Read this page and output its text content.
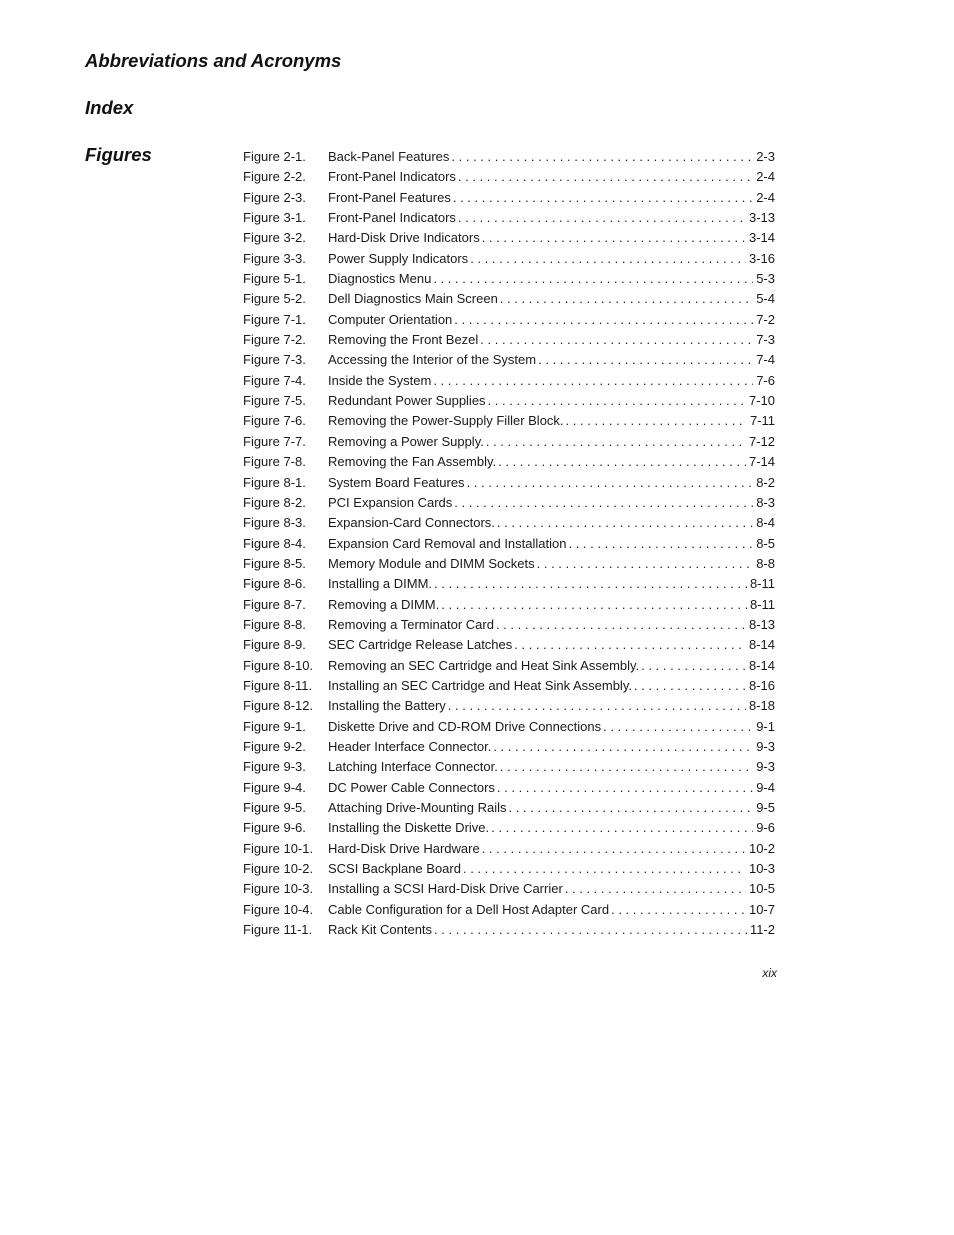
Abbreviations and Acronyms
Index
Figures	Figure 2-1.	Back-Panel Features . . .	2-3
Figure 2-2.	Front-Panel Indicators . . .	2-4
Figure 2-3.	Front-Panel Features . . .	2-4
Figure 3-1.	Front-Panel Indicators . . .	3-13
Figure 3-2.	Hard-Disk Drive Indicators . . .	3-14
Figure 3-3.	Power Supply Indicators . . .	3-16
Figure 5-1.	Diagnostics Menu . . .	5-3
Figure 5-2.	Dell Diagnostics Main Screen . . .	5-4
Figure 7-1.	Computer Orientation . . .	7-2
Figure 7-2.	Removing the Front Bezel . . .	7-3
Figure 7-3.	Accessing the Interior of the System . . .	7-4
Figure 7-4.	Inside the System . . .	7-6
Figure 7-5.	Redundant Power Supplies . . .	7-10
Figure 7-6.	Removing the Power-Supply Filler Block. . . .	7-11
Figure 7-7.	Removing a Power Supply. . . .	7-12
Figure 7-8.	Removing the Fan Assembly. . . .	7-14
Figure 8-1.	System Board Features . . .	8-2
Figure 8-2.	PCI Expansion Cards . . .	8-3
Figure 8-3.	Expansion-Card Connectors. . . .	8-4
Figure 8-4.	Expansion Card Removal and Installation . . .	8-5
Figure 8-5.	Memory Module and DIMM Sockets . . .	8-8
Figure 8-6.	Installing a DIMM. . . .	8-11
Figure 8-7.	Removing a DIMM. . . .	8-11
Figure 8-8.	Removing a Terminator Card . . .	8-13
Figure 8-9.	SEC Cartridge Release Latches . . .	8-14
Figure 8-10.	Removing an SEC Cartridge and Heat Sink Assembly. . . .	8-14
Figure 8-11.	Installing an SEC Cartridge and Heat Sink Assembly. . . .	8-16
Figure 8-12.	Installing the Battery . . .	8-18
Figure 9-1.	Diskette Drive and CD-ROM Drive Connections . . .	9-1
Figure 9-2.	Header Interface Connector. . . .	9-3
Figure 9-3.	Latching Interface Connector. . . .	9-3
Figure 9-4.	DC Power Cable Connectors . . .	9-4
Figure 9-5.	Attaching Drive-Mounting Rails . . .	9-5
Figure 9-6.	Installing the Diskette Drive. . . .	9-6
Figure 10-1.	Hard-Disk Drive Hardware . . .	10-2
Figure 10-2.	SCSI Backplane Board . . .	10-3
Figure 10-3.	Installing a SCSI Hard-Disk Drive Carrier . . .	10-5
Figure 10-4.	Cable Configuration for a Dell Host Adapter Card . . .	10-7
Figure 11-1.	Rack Kit Contents . . .	11-2

xix
